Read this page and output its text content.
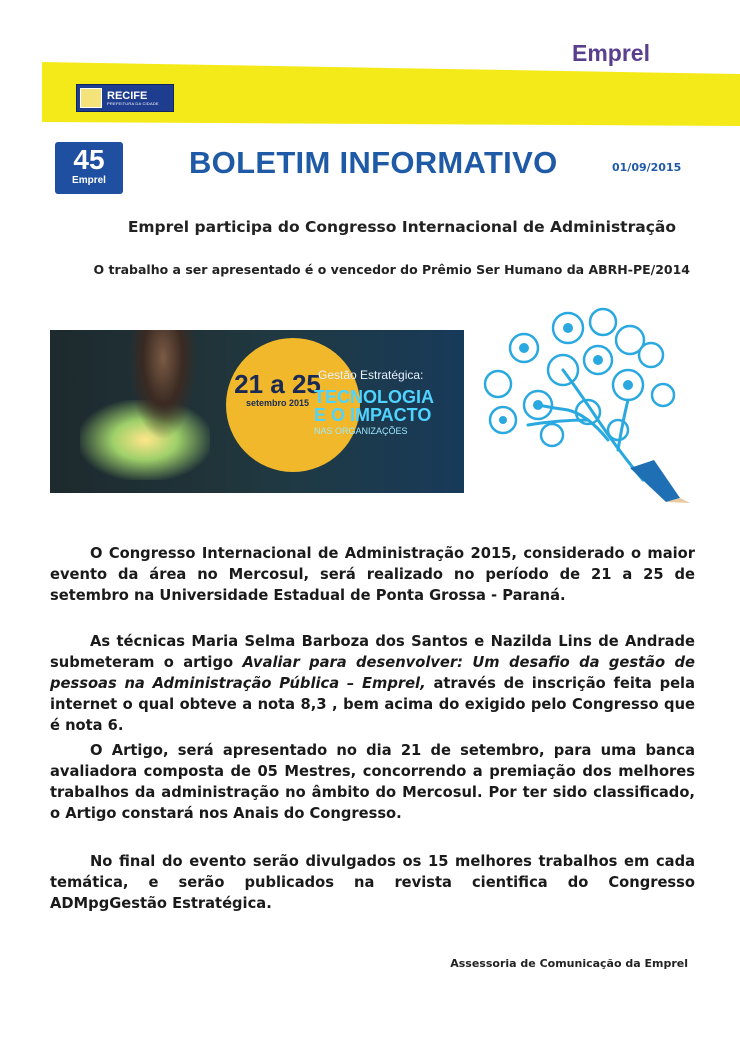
Emprel
RECIFE
PREFEITURA DA CIDADE
45
Emprel
BOLETIM INFORMATIVO	01/09/2015
Emprel participa do Congresso Internacional de Administração
O trabalho a ser apresentado é o vencedor do Prêmio Ser Humano da ABRH-PE/2014
21 a 25
setembro 2015
Gestão Estratégica:
TECNOLOGIA
E O IMPACTO
NAS ORGANIZAÇÕES
O Congresso Internacional de Administração 2015, considerado o maior evento da área no Mercosul, será realizado no período de 21 a 25 de setembro na Universidade Estadual de Ponta Grossa - Paraná.
As técnicas Maria Selma Barboza dos Santos e Nazilda Lins de Andrade submeteram o artigo Avaliar para desenvolver: Um desafio da gestão de pessoas na Administração Pública – Emprel, através de inscrição feita pela internet o qual obteve a nota 8,3 , bem acima do exigido pelo Congresso que é nota 6.
O Artigo, será apresentado no dia 21 de setembro, para uma banca avaliadora composta de 05 Mestres, concorrendo a premiação dos melhores trabalhos da administração no âmbito do Mercosul. Por ter sido classificado, o Artigo constará nos Anais do Congresso.
No final do evento serão divulgados os 15 melhores trabalhos em cada temática, e serão publicados na revista cientifica do Congresso ADMpgGestão Estratégica.
Assessoria de Comunicação da Emprel
